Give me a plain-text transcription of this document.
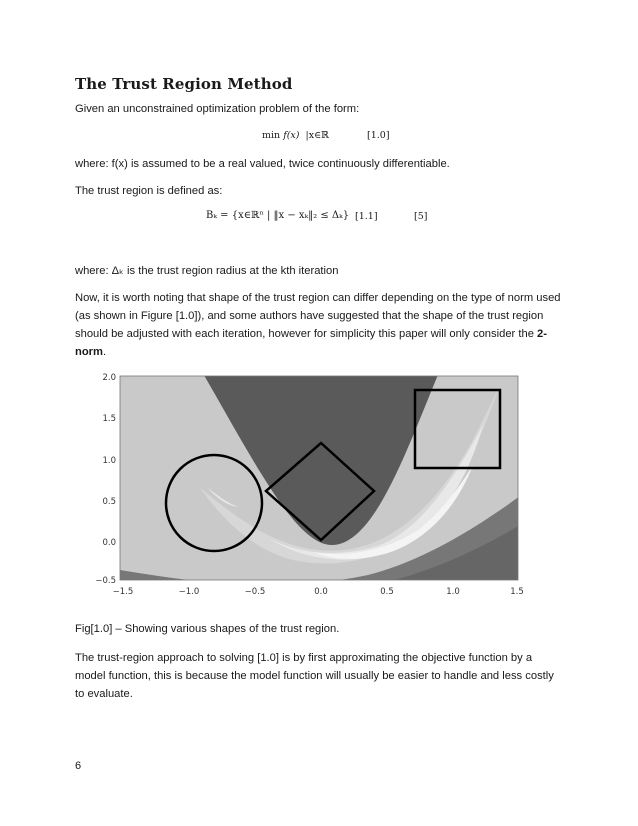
The Trust Region Method

Given an unconstrained optimization problem of the form:

min f(x) |x∈ℝ	[1.0]

where: f(x) is assumed to be a real valued, twice continuously differentiable.

The trust region is defined as:

Bₖ = {x∈ℝⁿ | ‖x − xₖ‖₂ ≤ Δₖ} [1.1]	[5]

where: Δₖ is the trust region radius at the kth iteration

Now, it is worth noting that shape of the trust region can differ depending on the type of norm used (as shown in Figure [1.0]), and some authors have suggested that the shape of the trust region should be adjusted with each iteration, however for simplicity this paper will only consider the 2-norm.

2.0
1.5
1.0
0.5
0.0
−0.5
−1.5	−1.0	−0.5	0.0	0.5	1.0	1.5

Fig[1.0] – Showing various shapes of the trust region.

The trust-region approach to solving [1.0] is by first approximating the objective function by a model function, this is because the model function will usually be easier to handle and less costly to evaluate.

6
